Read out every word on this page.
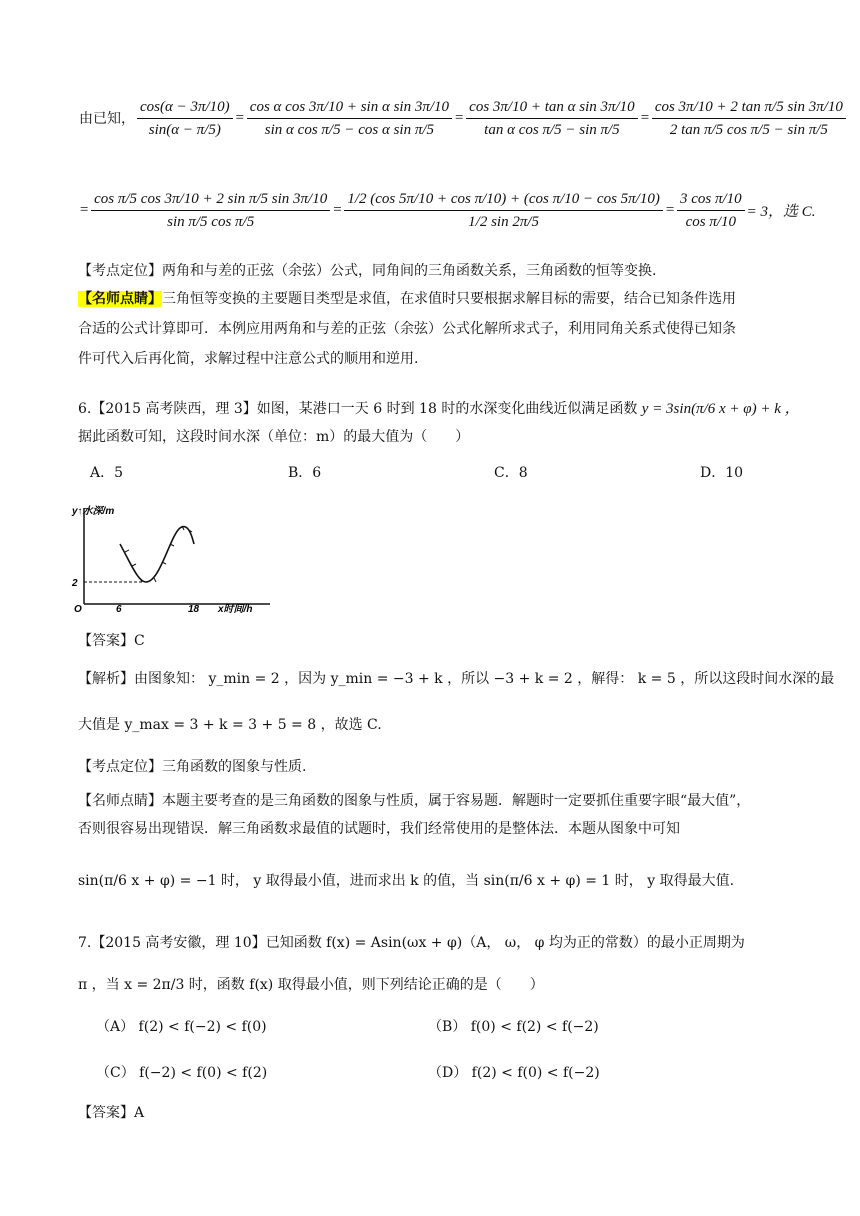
由已知， $\frac{\cos(\alpha - 3\pi/10)}{\sin(\alpha - \pi/5)} = \frac{\text{cos α cos 3π/10 + sin α sin 3π/10}}{\text{sin α cos π/5 − cos α sin π/5}} = \frac{\text{cos 3π/10 + tan α sin 3π/10}}{\text{tan α cos π/5 − sin π/5}} = \frac{\text{cos 3π/10 + 2 tan π/5 sin 3π/10}}{\text{2 tan π/5 cos π/5 − sin π/5}}$
= $\frac{\text{cos π/5 cos 3π/10 + 2 sin π/5 sin 3π/10}}{\text{sin π/5 cos π/5}} = \frac{\text{1/2 (cos 5π/10 + cos π/10) + (cos π/10 − cos 5π/10)}}{1/2 \sin 2\pi/5} = \frac{\text{3 cos π/10}}{\text{cos π/10}} = 3$，选 C.
【考点定位】两角和与差的正弦（余弦）公式，同角间的三角函数关系，三角函数的恒等变换.
【名师点睛】三角恒等变换的主要题目类型是求值，在求值时只要根据求解目标的需要，结合已知条件选用
合适的公式计算即可．本例应用两角和与差的正弦（余弦）公式化解所求式子，利用同角关系式使得已知条
件可代入后再化简，求解过程中注意公式的顺用和逆用.
6.【2015 高考陕西，理 3】如图，某港口一天 6 时到 18 时的水深变化曲线近似满足函数 y = 3sin(π/6 x + φ) + k ，
据此函数可知，这段时间水深（单位：m）的最大值为（　　）
A．5	B．6	C．8	D．10
y↑水深/m
2
O	6	18 x时间/h
【答案】C
【解析】由图象知： y_min = 2 ，因为 y_min = −3 + k ，所以 −3 + k = 2 ，解得： k = 5 ，所以这段时间水深的最
大值是 y_max = 3 + k = 3 + 5 = 8 ，故选 C.
【考点定位】三角函数的图象与性质.
【名师点睛】本题主要考查的是三角函数的图象与性质，属于容易题．解题时一定要抓住重要字眼“最大值”，
否则很容易出现错误．解三角函数求最值的试题时，我们经常使用的是整体法．本题从图象中可知
sin(π/6 x + φ) = −1 时， y 取得最小值，进而求出 k 的值，当 sin(π/6 x + φ) = 1 时， y 取得最大值.
7.【2015 高考安徽，理 10】已知函数 f(x) = Asin(ωx + φ)（A， ω， φ 均为正的常数）的最小正周期为
π ，当 x = 2π/3 时，函数 f(x) 取得最小值，则下列结论正确的是（　　）
（A） f(2) < f(−2) < f(0)	（B） f(0) < f(2) < f(−2)
（C） f(−2) < f(0) < f(2)	（D） f(2) < f(0) < f(−2)
【答案】A
